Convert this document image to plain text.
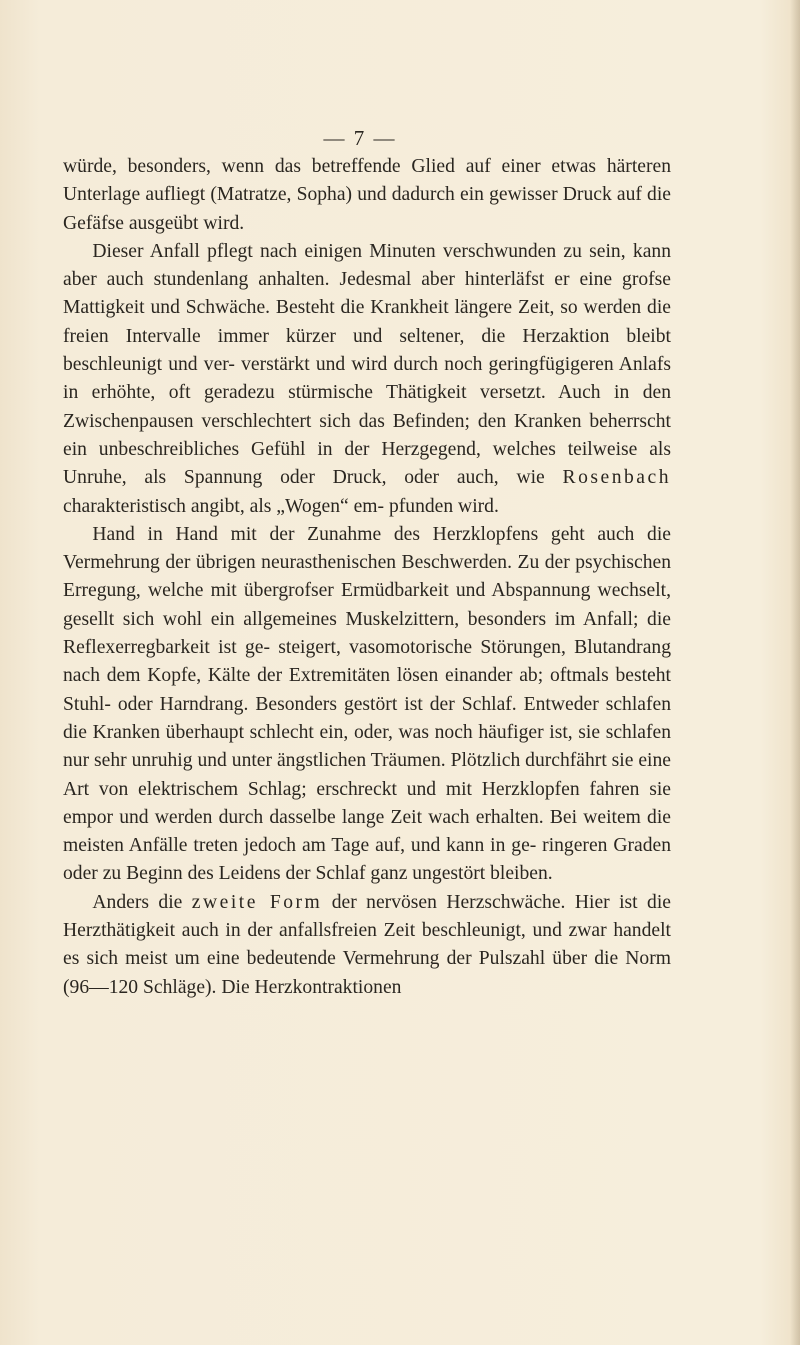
— 7 —

würde, besonders, wenn das betreffende Glied auf einer etwas härteren Unterlage aufliegt (Matratze, Sopha) und dadurch ein gewisser Druck auf die Gefäfse ausgeübt wird.

Dieser Anfall pflegt nach einigen Minuten verschwunden zu sein, kann aber auch stundenlang anhalten. Jedesmal aber hinterläfst er eine grofse Mattigkeit und Schwäche. Besteht die Krankheit längere Zeit, so werden die freien Intervalle immer kürzer und seltener, die Herzaktion bleibt beschleunigt und ver- verstärkt und wird durch noch geringfügigeren Anlafs in erhöhte, oft geradezu stürmische Thätigkeit versetzt. Auch in den Zwischenpausen verschlechtert sich das Befinden; den Kranken beherrscht ein unbeschreibliches Gefühl in der Herzgegend, welches teilweise als Unruhe, als Spannung oder Druck, oder auch, wie Rosenbach charakteristisch angibt, als „Wogen“ em- pfunden wird.

Hand in Hand mit der Zunahme des Herzklopfens geht auch die Vermehrung der übrigen neurasthenischen Beschwerden. Zu der psychischen Erregung, welche mit übergrofser Ermüdbarkeit und Abspannung wechselt, gesellt sich wohl ein allgemeines Muskelzittern, besonders im Anfall; die Reflexerregbarkeit ist ge- steigert, vasomotorische Störungen, Blutandrang nach dem Kopfe, Kälte der Extremitäten lösen einander ab; oftmals besteht Stuhl- oder Harndrang. Besonders gestört ist der Schlaf. Entweder schlafen die Kranken überhaupt schlecht ein, oder, was noch häufiger ist, sie schlafen nur sehr unruhig und unter ängstlichen Träumen. Plötzlich durchfährt sie eine Art von elektrischem Schlag; erschreckt und mit Herzklopfen fahren sie empor und werden durch dasselbe lange Zeit wach erhalten. Bei weitem die meisten Anfälle treten jedoch am Tage auf, und kann in ge- ringeren Graden oder zu Beginn des Leidens der Schlaf ganz ungestört bleiben.

Anders die zweite Form der nervösen Herzschwäche. Hier ist die Herzthätigkeit auch in der anfallsfreien Zeit beschleunigt, und zwar handelt es sich meist um eine bedeutende Vermehrung der Pulszahl über die Norm (96—120 Schläge). Die Herzkontraktionen
